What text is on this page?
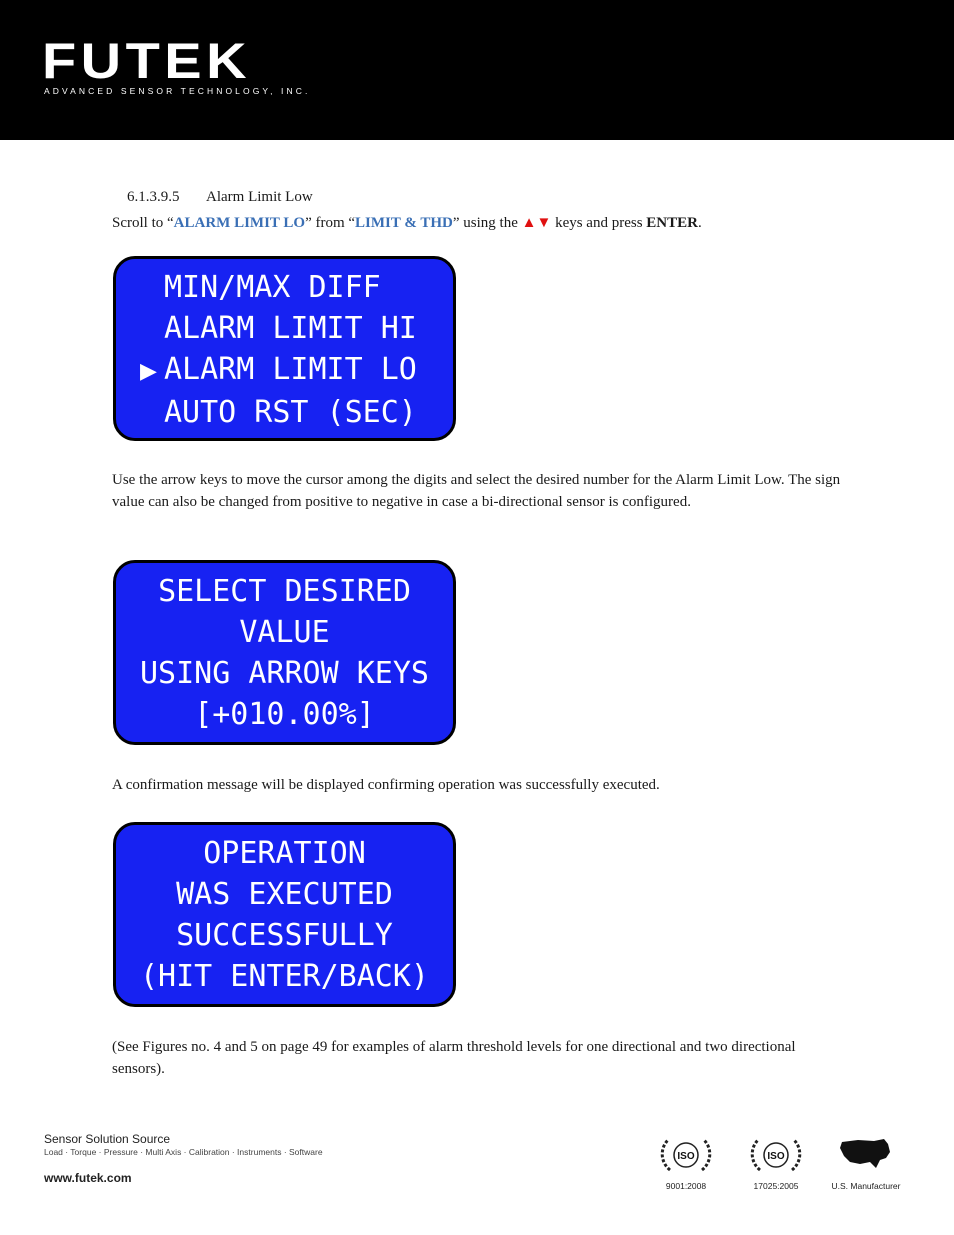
FUTEK
ADVANCED SENSOR TECHNOLOGY, INC.
6.1.3.9.5 Alarm Limit Low
Scroll to “ALARM LIMIT LO” from “LIMIT & THD” using the ▲▼ keys and press ENTER.
MIN/MAX DIFF
ALARM LIMIT HI
▶ ALARM LIMIT LO
AUTO RST (SEC)
Use the arrow keys to move the cursor among the digits and select the desired number for the Alarm Limit Low. The sign value can also be changed from positive to negative in case a bi-directional sensor is configured.
SELECT DESIRED
VALUE
USING ARROW KEYS
[+010.00%]
A confirmation message will be displayed confirming operation was successfully executed.
OPERATION
WAS EXECUTED
SUCCESSFULLY
(HIT ENTER/BACK)
(See Figures no. 4 and 5 on page 49 for examples of alarm threshold levels for one directional and two directional sensors).
Sensor Solution Source
Load · Torque · Pressure · Multi Axis · Calibration · Instruments · Software
www.futek.com
ISO
9001:2008
ISO
17025:2005	U.S. Manufacturer
